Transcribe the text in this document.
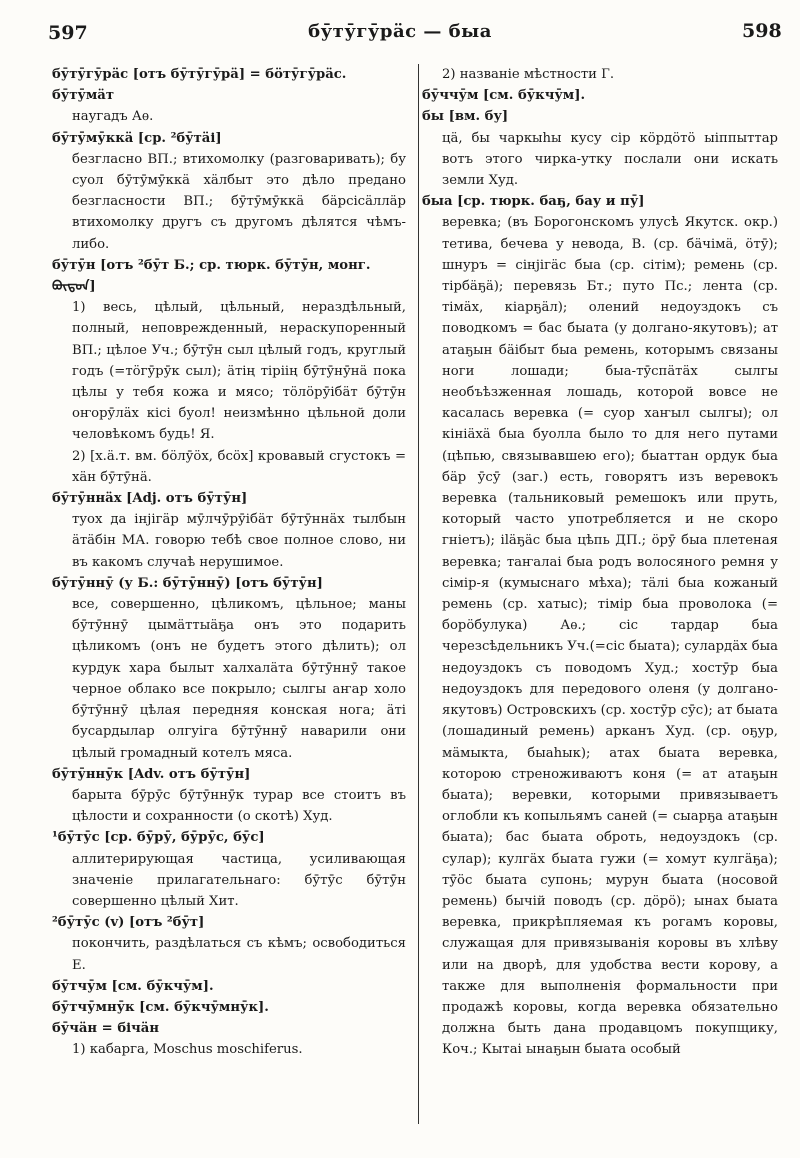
597	бӯтӯгӯрӓс — быа	598

бӯтӯгӯрӓс [отъ бӯтӯгӯрӓ] = бӧтӯгӯрӓс.

бӯтӯмӓт

наугадъ Аѳ.

бӯтӯмӯккӓ [ср. ²бӯтӓі]

безгласно ВП.; втихомолку (разговаривать); бу суол бӯтӯмӯккӓ хӓлбыт это дѣло предано безгласности ВП.; бӯтӯмӯккӓ бӓрсісӓллӓр втихомолку другъ съ другомъ дѣлятся чѣмъ-либо.

бӯтӯн [отъ ²бӯт Б.; ср. тюрк. бӯтӯн, монг. ᠪᠦᠲᠦᠨ]

1) весь, цѣлый, цѣльный, нераздѣльный, полный, неповрежденный, нераскупоренный ВП.; цѣлое Уч.; бӯтӯн сыл цѣлый годъ, круглый годъ (=тӧгӯрӯк сыл); ӓтің тіріің бӯтӯнӯнӓ пока цѣлы у тебя кожа и мясо; тӧлӧрӯібӓт бӯтӯн оҥорӯлӓх кісі буол! неизмѣнно цѣльной доли человѣкомъ будь! Я.

2) [х.ӓ.т. вм. бӧлӯӧх, бсӧх] кровавый сгустокъ = хӓн бӯтӯнӓ.

бӯтӯннӓх [Adj. отъ бӯтӯн]

туох да інјігӓр мӯлчӯрӯібӓт бӯтӯннӓх тылбын ӓтӓбін МА. говорю тебѣ свое полное слово, ни въ какомъ случаѣ нерушимое.

бӯтӯннӯ (у Б.: бӯтӯннӯ) [отъ бӯтӯн]

все, совершенно, цѣликомъ, цѣльное; маны бӯтӯннӯ цымӓттыӓҕа онъ это подарить цѣликомъ (онъ не будетъ этого дѣлить); ол курдук хара былыт халхалӓта бӯтӯннӯ такое черное облако все покрыло; сылгы аҥар холо бӯтӯннӯ цѣлая передняя конская нога; ӓті бусардылар олгуіга бӯтӯннӯ наварили они цѣлый громадный котелъ мяса.

бӯтӯннӯк [Adv. отъ бӯтӯн]

барыта бӯрӯс бӯтӯннӯк турар все стоитъ въ цѣлости и сохранности (о скотѣ) Худ.

¹бӯтӯс [ср. бӯрӯ, бӯрӯс, бӯс]

аллитерирующая частица, усиливающая значеніе прилагательнаго: бӯтӯс бӯтӯн совершенно цѣлый Хит.

²бӯтӯс (v) [отъ ²бӯт]

покончить, раздѣлаться съ кѣмъ; освободиться Е.

бӯтчӯм [см. бӯкчӯм].

бӯтчӯмнӯк [см. бӯкчӯмнӯк].

бӯчӓн = бічӓн

1) кабарга, Moschus moschiferus.

2) названіе мѣстности Г.

бӯччӯм [см. бӯкчӯм].

бы [вм. бу]

цӓ, бы чаркыһы кусу сір кӧрдӧтӧ ыіппыттар вотъ этого чирка-утку послали они искать земли Худ.

быа [ср. тюрк. баҕ, бау и пӯ]

веревка; (въ Борогонскомъ улусѣ Якутск. окр.) тетива, бечева у невода, В. (ср. бӓчімӓ, ӧтӯ); шнуръ = сінјігӓс быа (ср. сітім); ремень (ср. тірбӓҕӓ); перевязь Бт.; путо Пс.; лента (ср. тімӓх, кіарҕӓл); олений недоуздокъ съ поводкомъ = бас быата (у долгано-якутовъ); ат атаҕын бӓібыт быа ремень, которымъ связаны ноги лошади; быа-тӯспӓтӓх сылгы необъѣзженная лошадь, которой вовсе не касалась веревка (= суор хаҥыл сылгы); ол кініӓхӓ быа буолла было то для него путами (цѣпью, связывавшею его); быаттан ордук быа бӓр ӯсӯ (заг.) есть, говорятъ изъ веревокъ веревка (тальниковый ремешокъ или пруть, который часто употребляется и не скоро гніетъ); іlӓҕӓс быа цѣпь ДП.; ӧрӯ быа плетеная веревка; таҥалаі быа родъ волосяного ремня у сімір-я (кумыснаго мѣха); тӓлі быа кожаный ремень (ср. хатыс); тімір быа проволока (= борӧбулука) Аѳ.; сіс тардар быа черезсѣдельникъ Уч.(=сіс быата); сулардӓх быа недоуздокъ съ поводомъ Худ.; хостӯр быа недоуздокъ для передового оленя (у долгано-якутовъ) Островскихъ (ср. хостӯр сӯс); ат быата (лошадиный ремень) арканъ Худ. (ср. оҕур, мӓмыкта, быаһык); атах быата веревка, которою стреноживаютъ коня (= ат атаҕын быата); веревки, которыми привязываетъ оглобли къ копыльямъ саней (= сыарҕа атаҕын быата); бас быата оброть, недоуздокъ (ср. сулар); кулгӓх быата гужи (= хомут кулгӓҕа); тӯӧс быата супонь; мурун быата (носовой ремень) бычій поводъ (ср. дӧрӧ); ынах быата веревка, прикрѣпляемая къ рогамъ коровы, служащая для привязыванія коровы въ хлѣву или на дворѣ, для удобства вести корову, а также для выполненія формальности при продажѣ коровы, когда веревка обязательно должна быть дана продавцомъ покупщику, Коч.; Кытаі ынаҕын быата особый
